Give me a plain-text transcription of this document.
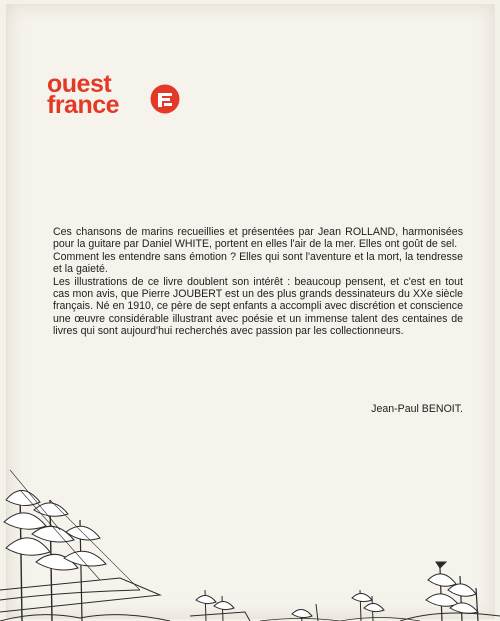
ouest
france

Ces chansons de marins recueillies et présentées par Jean ROLLAND, harmonisées pour la guitare par Daniel WHITE, portent en elles l'air de la mer. Elles ont goût de sel.

Comment les entendre sans émotion ? Elles qui sont l'aventure et la mort, la tendresse et la gaieté.

Les illustrations de ce livre doublent son intérêt : beaucoup pensent, et c'est en tout cas mon avis, que Pierre JOUBERT est un des plus grands dessinateurs du XXe siècle français. Né en 1910, ce père de sept enfants a accompli avec discrétion et conscience une œuvre considérable illustrant avec poésie et un immense talent des centaines de livres qui sont aujourd'hui recherchés avec passion par les collectionneurs.

Jean-Paul BENOIT.
